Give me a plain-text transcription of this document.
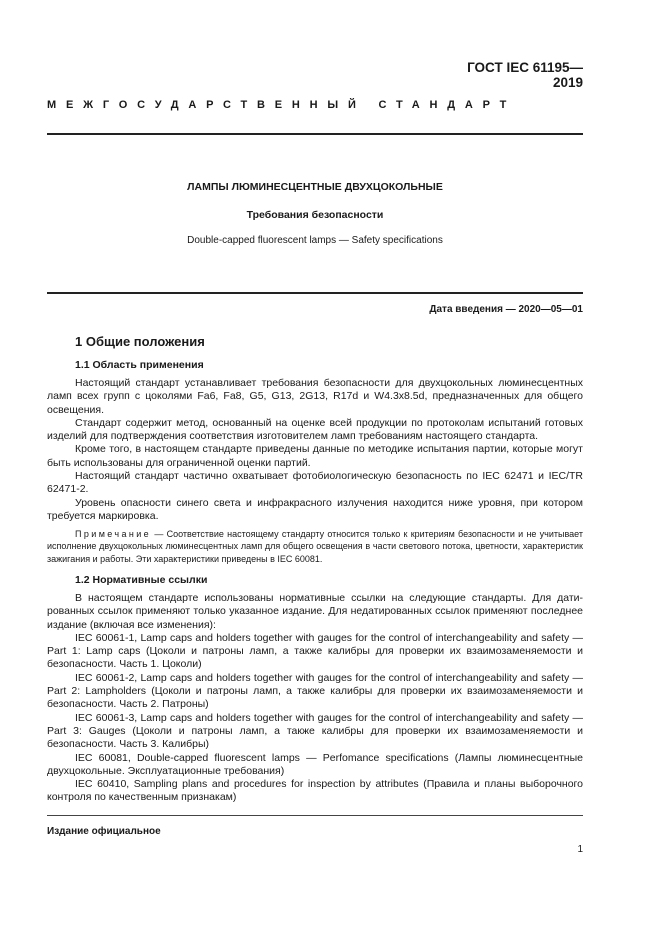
ГОСТ IEC 61195—2019
МЕЖГОСУДАРСТВЕННЫЙ СТАНДАРТ
ЛАМПЫ ЛЮМИНЕСЦЕНТНЫЕ ДВУХЦОКОЛЬНЫЕ
Требования безопасности
Double-capped fluorescent lamps — Safety specifications
Дата введения — 2020—05—01
1 Общие положения
1.1 Область применения

Настоящий стандарт устанавливает требования безопасности для двухцокольных люминесцентных ламп всех групп с цоколями Fa6, Fa8, G5, G13, 2G13, R17d и W4.3x8.5d, предназначенных для общего освещения.

Стандарт содержит метод, основанный на оценке всей продукции по протоколам испытаний готовых изделий для подтверждения соответствия изготовителем ламп требованиям настоящего стандарта.

Кроме того, в настоящем стандарте приведены данные по методике испытания партии, которые могут быть использованы для ограниченной оценки партий.

Настоящий стандарт частично охватывает фотобиологическую безопасность по IEC 62471 и IEC/TR 62471-2.

Уровень опасности синего света и инфракрасного излучения находится ниже уровня, при котором требуется маркировка.

Примечание — Соответствие настоящему стандарту относится только к критериям безопасности и не учитывает исполнение двухцокольных люминесцентных ламп для общего освещения в части светового потока, цветности, характеристик зажигания и работы. Эти характеристики приведены в IEC 60081.

1.2 Нормативные ссылки

В настоящем стандарте использованы нормативные ссылки на следующие стандарты. Для датированных ссылок применяют только указанное издание. Для недатированных ссылок применяют последнее издание (включая все изменения):

IEC 60061-1, Lamp caps and holders together with gauges for the control of interchangeability and safety — Part 1: Lamp caps (Цоколи и патроны ламп, а также калибры для проверки их взаимозаменяемости и безопасности. Часть 1. Цоколи)

IEC 60061-2, Lamp caps and holders together with gauges for the control of interchangeability and safety — Part 2: Lampholders (Цоколи и патроны ламп, а также калибры для проверки их взаимозаменяемости и безопасности. Часть 2. Патроны)

IEC 60061-3, Lamp caps and holders together with gauges for the control of interchangeability and safety — Part 3: Gauges (Цоколи и патроны ламп, а также калибры для проверки их взаимозаменяемости и безопасности. Часть 3. Калибры)

IEC 60081, Double-capped fluorescent lamps — Perfomance specifications (Лампы люминесцентные двухцокольные. Эксплуатационные требования)

IEC 60410, Sampling plans and procedures for inspection by attributes (Правила и планы выборочного контроля по качественным признакам)

Издание официальное
1
